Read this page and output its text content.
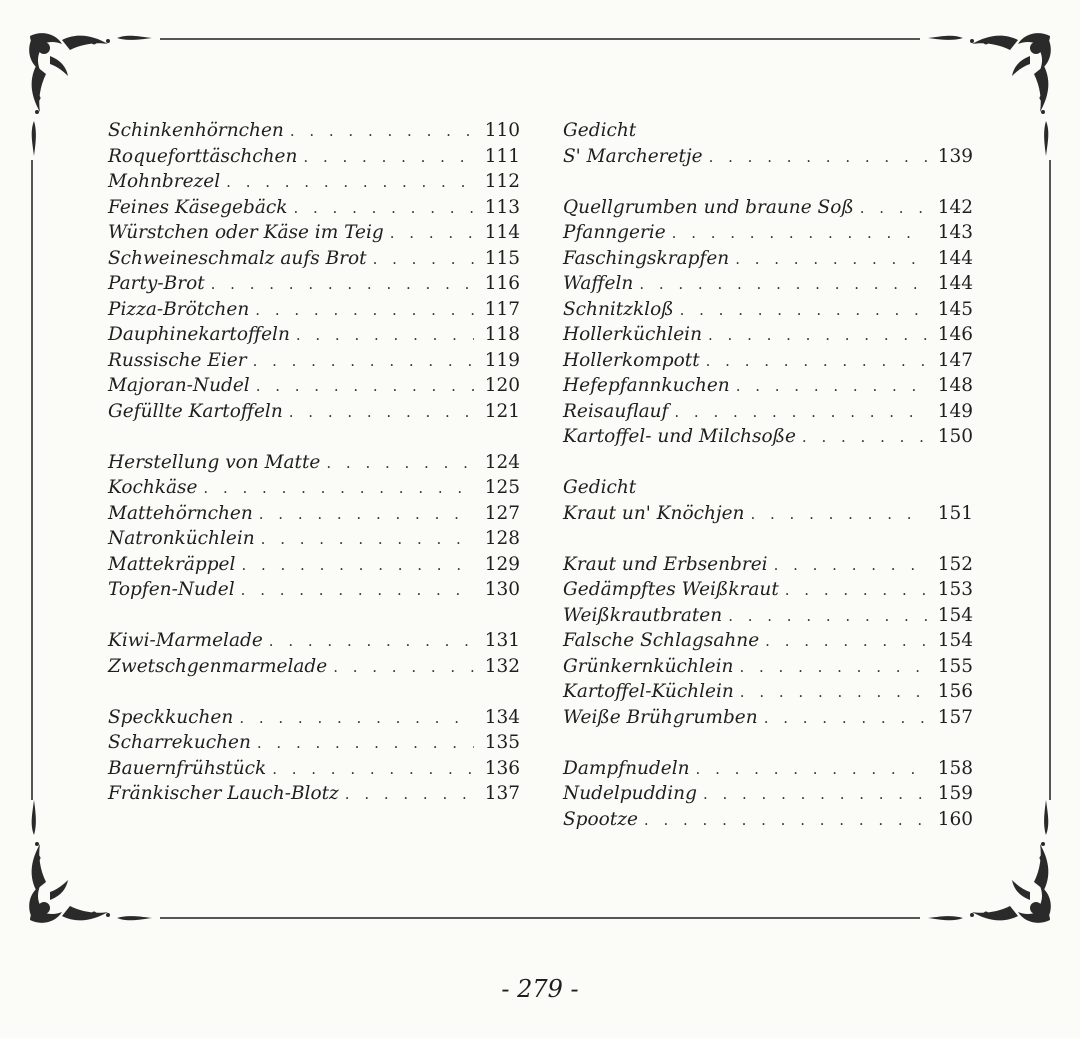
Schinkenhörnchen . . .	110
Roqueforttäschchen . . .	111
Mohnbrezel . . .	112
Feines Käsegebäck . . .	113
Würstchen oder Käse im Teig . . .	114
Schweineschmalz aufs Brot . . .	115
Party-Brot . . .	116
Pizza-Brötchen . . .	117
Dauphinekartoffeln . . .	118
Russische Eier . . .	119
Majoran-Nudel . . .	120
Gefüllte Kartoffeln . . .	121
Herstellung von Matte . . .	124
Kochkäse . . .	125
Mattehörnchen . . .	127
Natronküchlein . . .	128
Mattekräppel . . .	129
Topfen-Nudel . . .	130
Kiwi-Marmelade . . .	131
Zwetschgenmarmelade . . .	132
Speckkuchen . . .	134
Scharrekuchen . . .	135
Bauernfrühstück . . .	136
Fränkischer Lauch-Blotz . . .	137
Gedicht
S' Marcheretje . . .	139
Quellgrumben und braune Soß . . .	142
Pfanngerie . . .	143
Faschingskrapfen . . .	144
Waffeln . . .	144
Schnitzkloß . . .	145
Hollerküchlein . . .	146
Hollerkompott . . .	147
Hefepfannkuchen . . .	148
Reisauflauf . . .	149
Kartoffel- und Milchsoße . . .	150
Gedicht
Kraut un' Knöchjen . . .	151
Kraut und Erbsenbrei . . .	152
Gedämpftes Weißkraut . . .	153
Weißkrautbraten . . .	154
Falsche Schlagsahne . . .	154
Grünkernküchlein . . .	155
Kartoffel-Küchlein . . .	156
Weiße Brühgrumben . . .	157
Dampfnudeln . . .	158
Nudelpudding . . .	159
Spootze . . .	160
- 279 -
